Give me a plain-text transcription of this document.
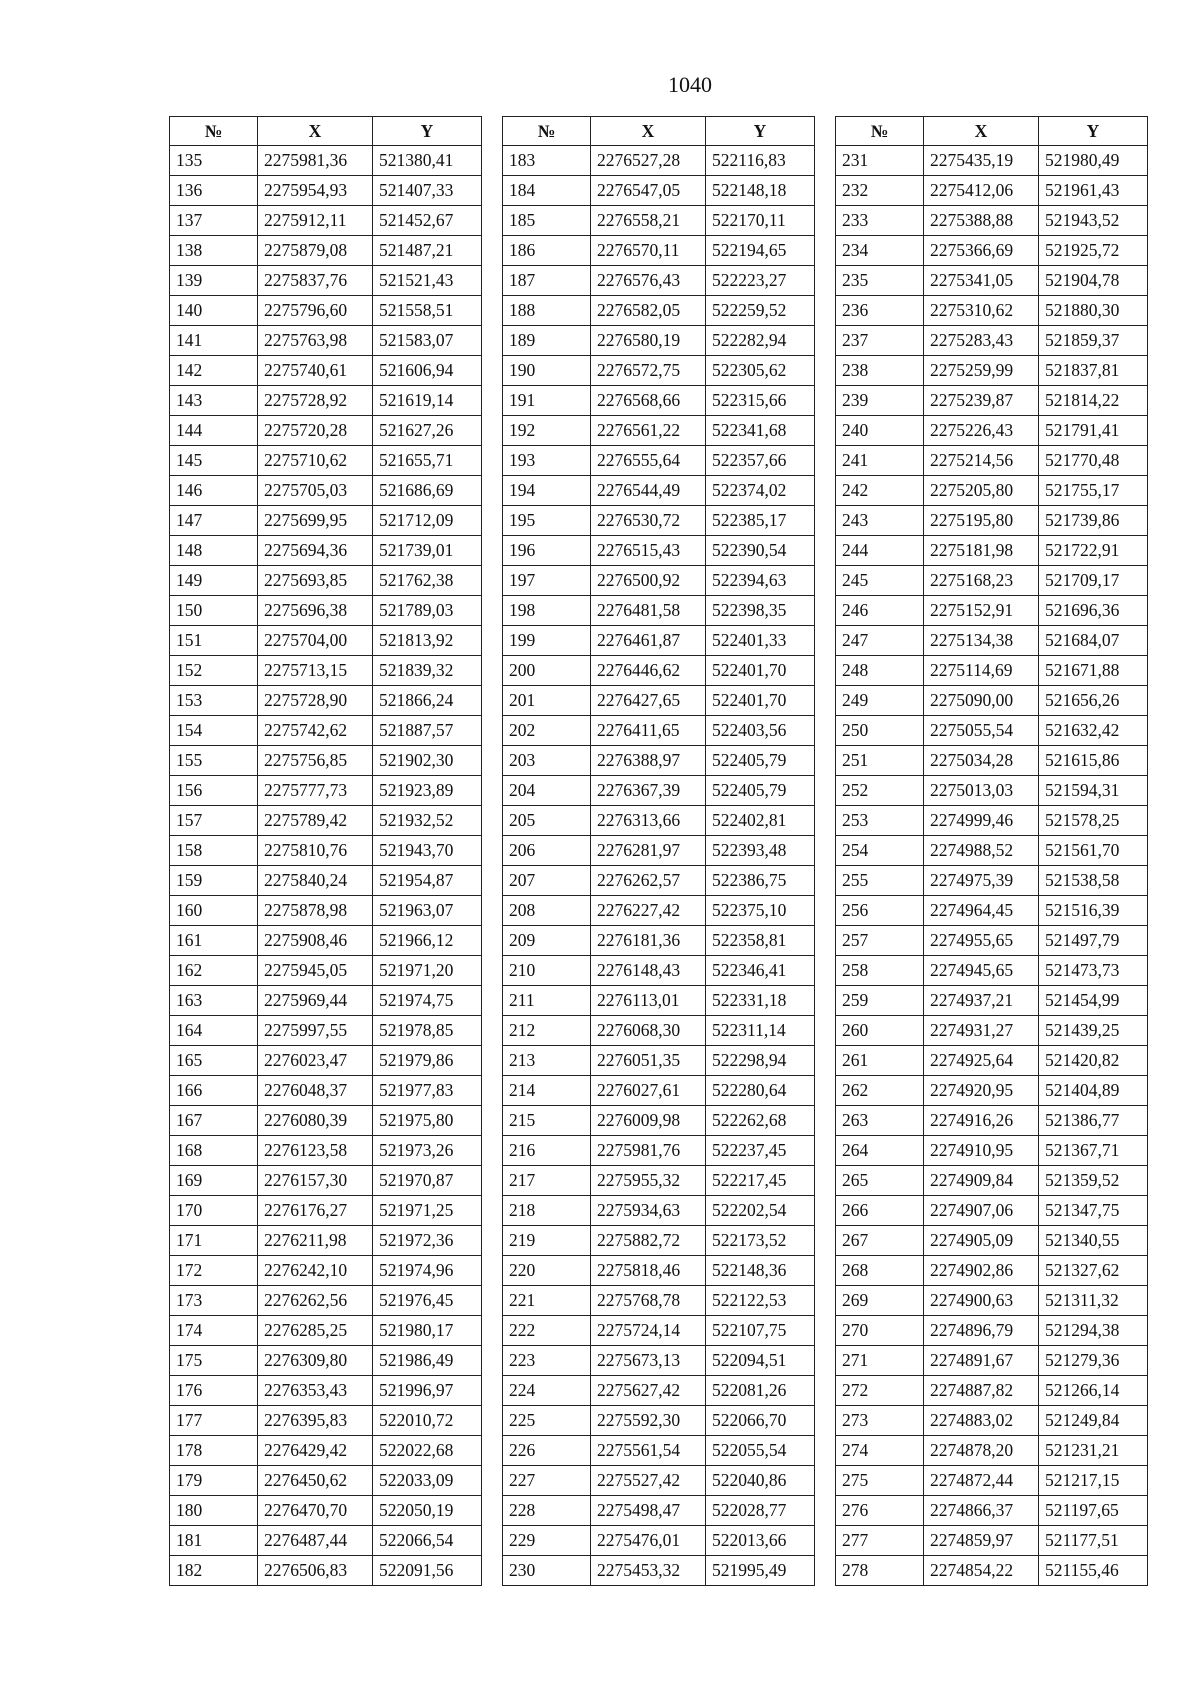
1040
№	X	Y
135	2275981,36	521380,41
136	2275954,93	521407,33
137	2275912,11	521452,67
138	2275879,08	521487,21
139	2275837,76	521521,43
140	2275796,60	521558,51
141	2275763,98	521583,07
142	2275740,61	521606,94
143	2275728,92	521619,14
144	2275720,28	521627,26
145	2275710,62	521655,71
146	2275705,03	521686,69
147	2275699,95	521712,09
148	2275694,36	521739,01
149	2275693,85	521762,38
150	2275696,38	521789,03
151	2275704,00	521813,92
152	2275713,15	521839,32
153	2275728,90	521866,24
154	2275742,62	521887,57
155	2275756,85	521902,30
156	2275777,73	521923,89
157	2275789,42	521932,52
158	2275810,76	521943,70
159	2275840,24	521954,87
160	2275878,98	521963,07
161	2275908,46	521966,12
162	2275945,05	521971,20
163	2275969,44	521974,75
164	2275997,55	521978,85
165	2276023,47	521979,86
166	2276048,37	521977,83
167	2276080,39	521975,80
168	2276123,58	521973,26
169	2276157,30	521970,87
170	2276176,27	521971,25
171	2276211,98	521972,36
172	2276242,10	521974,96
173	2276262,56	521976,45
174	2276285,25	521980,17
175	2276309,80	521986,49
176	2276353,43	521996,97
177	2276395,83	522010,72
178	2276429,42	522022,68
179	2276450,62	522033,09
180	2276470,70	522050,19
181	2276487,44	522066,54
182	2276506,83	522091,56
№	X	Y
183	2276527,28	522116,83
184	2276547,05	522148,18
185	2276558,21	522170,11
186	2276570,11	522194,65
187	2276576,43	522223,27
188	2276582,05	522259,52
189	2276580,19	522282,94
190	2276572,75	522305,62
191	2276568,66	522315,66
192	2276561,22	522341,68
193	2276555,64	522357,66
194	2276544,49	522374,02
195	2276530,72	522385,17
196	2276515,43	522390,54
197	2276500,92	522394,63
198	2276481,58	522398,35
199	2276461,87	522401,33
200	2276446,62	522401,70
201	2276427,65	522401,70
202	2276411,65	522403,56
203	2276388,97	522405,79
204	2276367,39	522405,79
205	2276313,66	522402,81
206	2276281,97	522393,48
207	2276262,57	522386,75
208	2276227,42	522375,10
209	2276181,36	522358,81
210	2276148,43	522346,41
211	2276113,01	522331,18
212	2276068,30	522311,14
213	2276051,35	522298,94
214	2276027,61	522280,64
215	2276009,98	522262,68
216	2275981,76	522237,45
217	2275955,32	522217,45
218	2275934,63	522202,54
219	2275882,72	522173,52
220	2275818,46	522148,36
221	2275768,78	522122,53
222	2275724,14	522107,75
223	2275673,13	522094,51
224	2275627,42	522081,26
225	2275592,30	522066,70
226	2275561,54	522055,54
227	2275527,42	522040,86
228	2275498,47	522028,77
229	2275476,01	522013,66
230	2275453,32	521995,49
№	X	Y
231	2275435,19	521980,49
232	2275412,06	521961,43
233	2275388,88	521943,52
234	2275366,69	521925,72
235	2275341,05	521904,78
236	2275310,62	521880,30
237	2275283,43	521859,37
238	2275259,99	521837,81
239	2275239,87	521814,22
240	2275226,43	521791,41
241	2275214,56	521770,48
242	2275205,80	521755,17
243	2275195,80	521739,86
244	2275181,98	521722,91
245	2275168,23	521709,17
246	2275152,91	521696,36
247	2275134,38	521684,07
248	2275114,69	521671,88
249	2275090,00	521656,26
250	2275055,54	521632,42
251	2275034,28	521615,86
252	2275013,03	521594,31
253	2274999,46	521578,25
254	2274988,52	521561,70
255	2274975,39	521538,58
256	2274964,45	521516,39
257	2274955,65	521497,79
258	2274945,65	521473,73
259	2274937,21	521454,99
260	2274931,27	521439,25
261	2274925,64	521420,82
262	2274920,95	521404,89
263	2274916,26	521386,77
264	2274910,95	521367,71
265	2274909,84	521359,52
266	2274907,06	521347,75
267	2274905,09	521340,55
268	2274902,86	521327,62
269	2274900,63	521311,32
270	2274896,79	521294,38
271	2274891,67	521279,36
272	2274887,82	521266,14
273	2274883,02	521249,84
274	2274878,20	521231,21
275	2274872,44	521217,15
276	2274866,37	521197,65
277	2274859,97	521177,51
278	2274854,22	521155,46
